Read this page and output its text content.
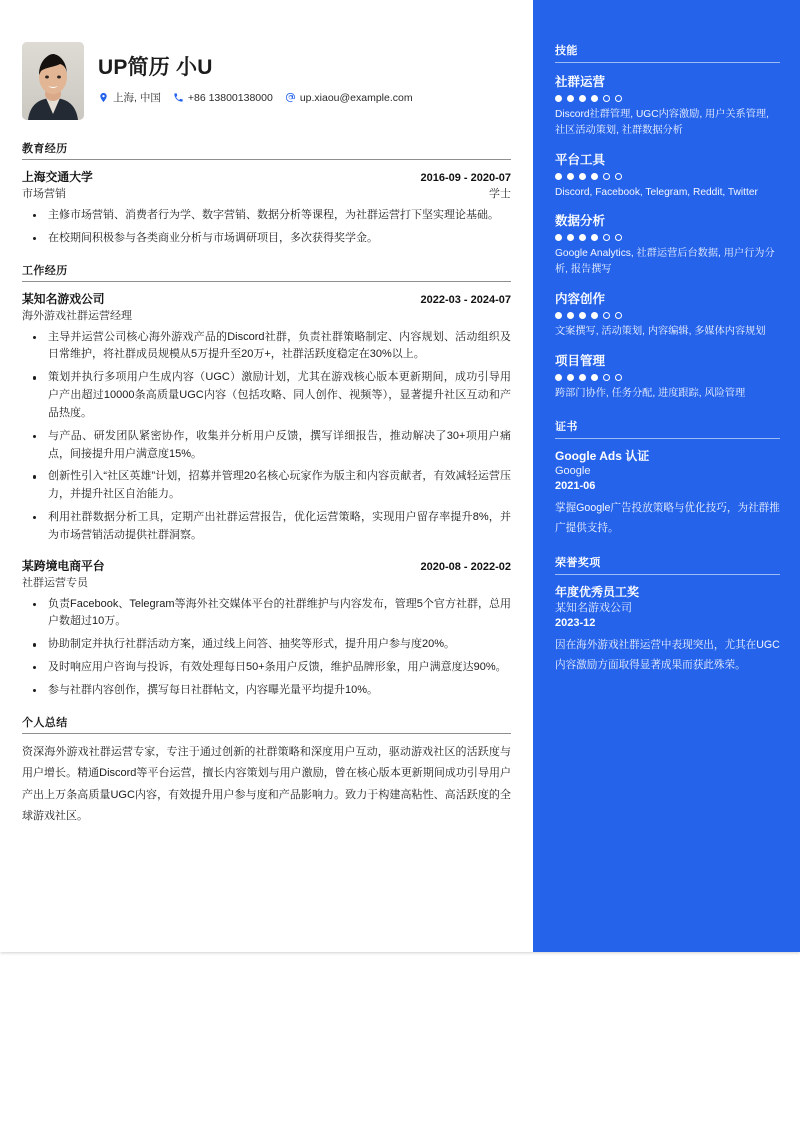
UP简历 小U
上海, 中国	+86 13800138000	up.xiaou@example.com
教育经历
上海交通大学	2016-09 - 2020-07
市场营销	学士
主修市场营销、消费者行为学、数字营销、数据分析等课程，为社群运营打下坚实理论基础。
在校期间积极参与各类商业分析与市场调研项目，多次获得奖学金。
工作经历
某知名游戏公司	2022-03 - 2024-07
海外游戏社群运营经理
主导并运营公司核心海外游戏产品的Discord社群，负责社群策略制定、内容规划、活动组织及日常维护，将社群成员规模从5万提升至20万+，社群活跃度稳定在30%以上。
策划并执行多项用户生成内容（UGC）激励计划，尤其在游戏核心版本更新期间，成功引导用户产出超过10000条高质量UGC内容（包括攻略、同人创作、视频等），显著提升社区互动和产品热度。
与产品、研发团队紧密协作，收集并分析用户反馈，撰写详细报告，推动解决了30+项用户痛点，间接提升用户满意度15%。
创新性引入“社区英雄”计划，招募并管理20名核心玩家作为版主和内容贡献者，有效减轻运营压力，并提升社区自治能力。
利用社群数据分析工具，定期产出社群运营报告，优化运营策略，实现用户留存率提升8%，并为市场营销活动提供社群洞察。
某跨境电商平台	2020-08 - 2022-02
社群运营专员
负责Facebook、Telegram等海外社交媒体平台的社群维护与内容发布，管理5个官方社群，总用户数超过10万。
协助制定并执行社群活动方案，通过线上问答、抽奖等形式，提升用户参与度20%。
及时响应用户咨询与投诉，有效处理每日50+条用户反馈，维护品牌形象，用户满意度达90%。
参与社群内容创作，撰写每日社群帖文，内容曝光量平均提升10%。
个人总结

资深海外游戏社群运营专家，专注于通过创新的社群策略和深度用户互动，驱动游戏社区的活跃度与用户增长。精通Discord等平台运营，擅长内容策划与用户激励，曾在核心版本更新期间成功引导用户产出上万条高质量UGC内容，有效提升用户参与度和产品影响力。致力于构建高粘性、高活跃度的全球游戏社区。

技能
社群运营
Discord社群管理, UGC内容激励, 用户关系管理, 社区活动策划, 社群数据分析
平台工具
Discord, Facebook, Telegram, Reddit, Twitter
数据分析
Google Analytics, 社群运营后台数据, 用户行为分析, 报告撰写
内容创作
文案撰写, 活动策划, 内容编辑, 多媒体内容规划
项目管理
跨部门协作, 任务分配, 进度跟踪, 风险管理
证书
Google Ads 认证
Google
2021-06
掌握Google广告投放策略与优化技巧，为社群推广提供支持。
荣誉奖项
年度优秀员工奖
某知名游戏公司
2023-12
因在海外游戏社群运营中表现突出，尤其在UGC内容激励方面取得显著成果而获此殊荣。
